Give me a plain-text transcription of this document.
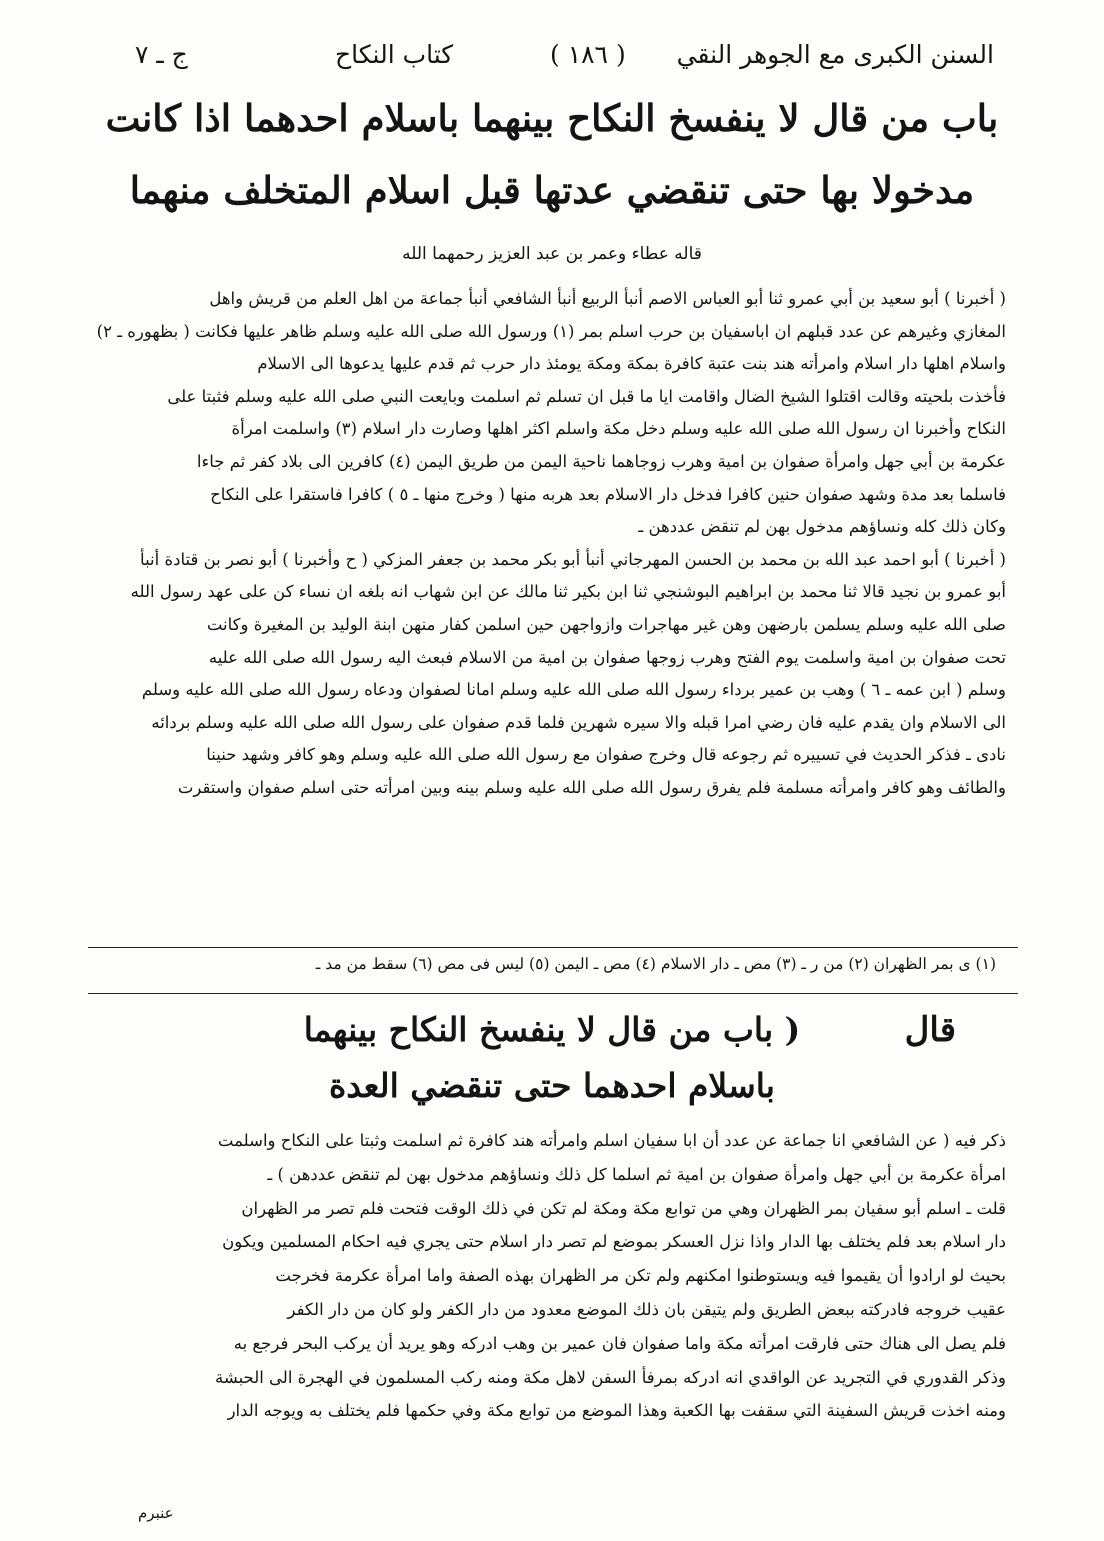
السنن الكبرى مع الجوهر النقي
( ١٨٦ )
كتاب النكاح
ج ـ ٧
باب من قال لا ينفسخ النكاح بينهما باسلام احدهما اذا كانت
مدخولا بها حتى تنقضي عدتها قبل اسلام المتخلف منهما
قاله عطاء وعمر بن عبد العزيز رحمهما الله
( أخبرنا ) أبو سعيد بن أبي عمرو ثنا أبو العباس الاصم أنبأ الربيع أنبأ الشافعي أنبأ جماعة من اهل العلم من قريش واهل
المغازي وغيرهم عن عدد قبلهم ان اباسفيان بن حرب اسلم بمر (١) ورسول الله صلى الله عليه وسلم ظاهر عليها فكانت ( بظهوره ـ ٢)
واسلام اهلها دار اسلام وامرأته هند بنت عتبة كافرة بمكة ومكة يومئذ دار حرب ثم قدم عليها يدعوها الى الاسلام
فأخذت بلحيته وقالت اقتلوا الشيخ الضال واقامت ايا ما قبل ان تسلم ثم اسلمت وبايعت النبي صلى الله عليه وسلم فثبتا على
النكاح وأخبرنا ان رسول الله صلى الله عليه وسلم دخل مكة واسلم اكثر اهلها وصارت دار اسلام (٣) واسلمت امرأة
عكرمة بن أبي جهل وامرأة صفوان بن امية وهرب زوجاهما ناحية اليمن من طريق اليمن (٤) كافرين الى بلاد كفر ثم جاءا
فاسلما بعد مدة وشهد صفوان حنين كافرا فدخل دار الاسلام بعد هربه منها ( وخرج منها ـ ٥ ) كافرا فاستقرا على النكاح
وكان ذلك كله ونساؤهم مدخول بهن لم تنقض عددهن ـ
( أخبرنا ) أبو احمد عبد الله بن محمد بن الحسن المهرجاني أنبأ أبو بكر محمد بن جعفر المزكي ( ح وأخبرنا ) أبو نصر بن قتادة أنبأ
أبو عمرو بن نجيد قالا ثنا محمد بن ابراهيم البوشنجي ثنا ابن بكير ثنا مالك عن ابن شهاب انه بلغه ان نساء كن على عهد رسول الله
صلى الله عليه وسلم يسلمن بارضهن وهن غير مهاجرات وازواجهن حين اسلمن كفار منهن ابنة الوليد بن المغيرة وكانت
تحت صفوان بن امية واسلمت يوم الفتح وهرب زوجها صفوان بن امية من الاسلام فبعث اليه رسول الله صلى الله عليه
وسلم ( ابن عمه ـ ٦ ) وهب بن عمير برداء رسول الله صلى الله عليه وسلم امانا لصفوان ودعاه رسول الله صلى الله عليه وسلم
الى الاسلام وان يقدم عليه فان رضي امرا قبله والا سيره شهرين فلما قدم صفوان على رسول الله صلى الله عليه وسلم بردائه
نادى ـ فذكر الحديث في تسييره ثم رجوعه قال وخرج صفوان مع رسول الله صلى الله عليه وسلم وهو كافر وشهد حنينا
والطائف وهو كافر وامرأته مسلمة فلم يفرق رسول الله صلى الله عليه وسلم بينه وبين امرأته حتى اسلم صفوان واستقرت
(١) ى بمر الظهران (٢) من ر ـ (٣) مص ـ دار الاسلام (٤) مص ـ اليمن (٥) ليس فى مص (٦) سقط من مد ـ
قال
( باب من قال لا ينفسخ النكاح بينهما
باسلام احدهما حتى تنقضي العدة
ذكر فيه ( عن الشافعي انا جماعة عن عدد أن ابا سفيان اسلم وامرأته هند كافرة ثم اسلمت وثبتا على النكاح واسلمت
امرأة عكرمة بن أبي جهل وامرأة صفوان بن امية ثم اسلما كل ذلك ونساؤهم مدخول بهن لم تنقض عددهن ) ـ
قلت ـ اسلم أبو سفيان بمر الظهران وهي من توابع مكة ومكة لم تكن في ذلك الوقت فتحت فلم تصر مر الظهران
دار اسلام بعد فلم يختلف بها الدار واذا نزل العسكر بموضع لم تصر دار اسلام حتى يجري فيه احكام المسلمين ويكون
بحيث لو ارادوا أن يقيموا فيه ويستوطنوا امكنهم ولم تكن مر الظهران بهذه الصفة واما امرأة عكرمة فخرجت
عقيب خروجه فادركته ببعض الطريق ولم يتيقن بان ذلك الموضع معدود من دار الكفر ولو كان من دار الكفر
فلم يصل الى هناك حتى فارقت امرأته مكة واما صفوان فان عمير بن وهب ادركه وهو يريد أن يركب البحر فرجع به
وذكر القدوري في التجريد عن الواقدي انه ادركه بمرفأ السفن لاهل مكة ومنه ركب المسلمون في الهجرة الى الحبشة
ومنه اخذت قريش السفينة التي سقفت بها الكعبة وهذا الموضع من توابع مكة وفي حكمها فلم يختلف به ويوجه الدار
عنبرم
